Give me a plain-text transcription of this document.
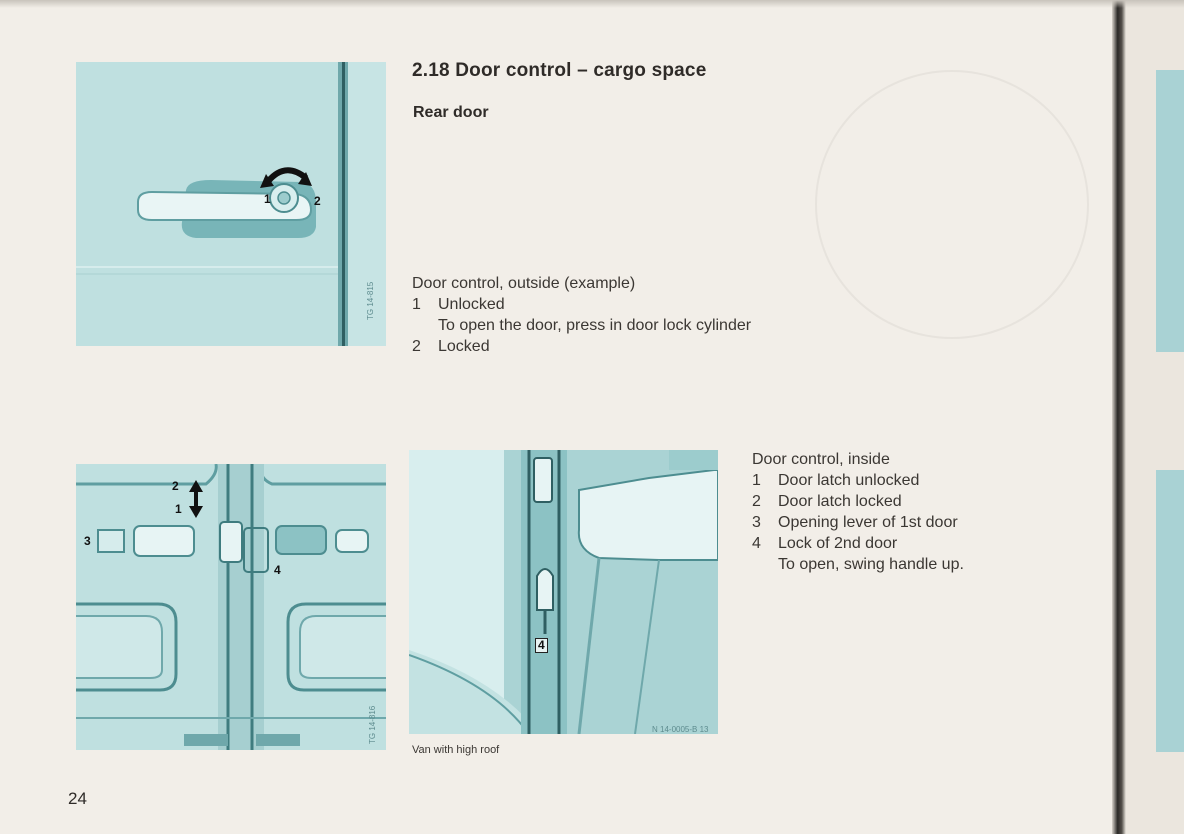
1	2
TG 14-815
2.18 Door control – cargo space
Rear door
Door control, outside (example)
1	Unlocked
To open the door, press in door lock cylinder
2	Locked
2
1
3
4
TG 14-816
4
N 14-0005-B 13
Van with high roof
Door control, inside
1	Door latch unlocked
2	Door latch locked
3	Opening lever of 1st door
4	Lock of 2nd door
To open, swing handle up.
24
